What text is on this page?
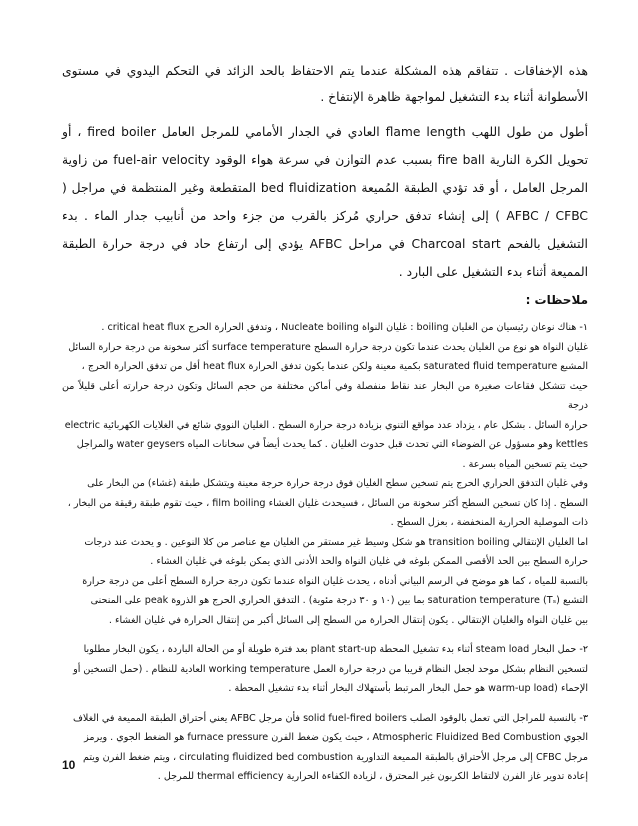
هذه الإخفاقات . تتفاقم هذه المشكلة عندما يتم الاحتفاظ بالحد الزائد في التحكم اليدوي في مستوى الأسطوانة أثناء بدء التشغيل لمواجهة ظاهرة الإنتفاخ .

أطول من طول اللهب flame length العادي في الجدار الأمامي للمرجل العامل fired boiler ، أو تحويل الكرة النارية fire ball بسبب عدم التوازن في سرعة هواء الوقود fuel-air velocity من زاوية المرجل العامل ، أو قد تؤدي الطبقة المُميعة bed fluidization المتقطعة وغير المنتظمة في مراجل ( AFBC / CFBC ) إلى إنشاء تدفق حراري مُركز بالقرب من جزء واحد من أنابيب جدار الماء . بدء التشغيل بالفحم Charcoal start في مراحل AFBC يؤدي إلى ارتفاع حاد في درجة حرارة الطبقة المميعة أثناء بدء التشغيل على البارد .

ملاحظات :

١- هناك نوعان رئيسيان من الغليان boiling : غليان النواة Nucleate boiling ، وتدفق الحرارة الحرج critical heat flux .
غليان النواة هو نوع من الغليان يحدث عندما تكون درجة حرارة السطح surface temperature أكثر سخونة من درجة حرارة السائل
المشبع saturated fluid temperature بكمية معينة ولكن عندما يكون تدفق الحرارة heat flux أقل من تدفق الحرارة الحرج ،
حيث تتشكل فقاعات صغيرة من البخار عند نقاط منفصلة وفي أماكن مختلفة من حجم السائل وتكون درجة حرارته أعلى قليلاً من درجة
حرارة السائل . بشكل عام ، يزداد عدد مواقع التنوي بزيادة درجة حرارة السطح . الغليان النووي شائع في الغلايات الكهربائية electric
kettles وهو مسؤول عن الضوضاء التي تحدث قبل حدوث الغليان . كما يحدث أيضاً في سخانات المياه water geysers والمراجل
حيث يتم تسخين المياه بسرعة .
وفي غليان التدفق الحراري الحرج يتم تسخين سطح الغليان فوق درجة حرارة حرجة معينة ويتشكل طبقة (غشاء) من البخار على
السطح . إذا كان تسخين السطح أكثر سخونة من السائل ، فسيحدث غليان الغشاء film boiling ، حيث تقوم طبقة رقيقة من البخار ،
ذات الموصلية الحرارية المنخفضة ، بعزل السطح .
اما الغليان الإنتقالي transition boiling هو شكل وسيط غير مستقر من الغليان مع عناصر من كلا النوعين . و يحدث عند درجات
حرارة السطح بين الحد الأقصى الممكن بلوغه في غليان النواة والحد الأدنى الذي يمكن بلوغه في غليان الغشاء .
بالنسبة للمياه ، كما هو موضح في الرسم البياني أدناه ، يحدث غليان النواة عندما تكون درجة حرارة السطح أعلى من درجة حرارة
التشبع saturation temperature (Tₛ) بما بين (١٠ و ٣٠ درجة مئوية) . التدفق الحراري الحرج هو الذروة peak على المنحنى
بين غليان النواة والغليان الإنتقالي . يكون إنتقال الحرارة من السطح إلى السائل أكبر من إنتقال الحرارة في غليان الغشاء .

٢- حمل البخار steam load أثناء بدء تشغيل المحطة plant start-up بعد فترة طويلة أو من الحالة الباردة ، يكون البخار مطلوبا
لتسخين النظام بشكل موحد لجعل النظام قريبا من درجة حرارة العمل working temperature العادية للنظام . (حمل التسخين أو
الإحماء (warm-up load هو حمل البخار المرتبط بأستهلاك البخار أثناء بدء تشغيل المحطة .

٣- بالنسبة للمراجل التي تعمل بالوقود الصلب solid fuel-fired boilers فأن مرجل AFBC يعني أحتراق الطبقة المميعة في الغلاف
الجوي Atmospheric Fluidized Bed Combustion ، حيث يكون ضغط الفرن furnace pressure هو الضغط الجوي . ويرمز
مرجل CFBC إلى مرجل الأحتراق بالطبقة المميعة التداورية circulating fluidized bed combustion ، ويتم ضغط الفرن ويتم
إعادة تدوير غاز الفرن لالتقاط الكربون غير المحترق ، لزيادة الكفاءة الحرارية thermal efficiency للمرجل .

10
